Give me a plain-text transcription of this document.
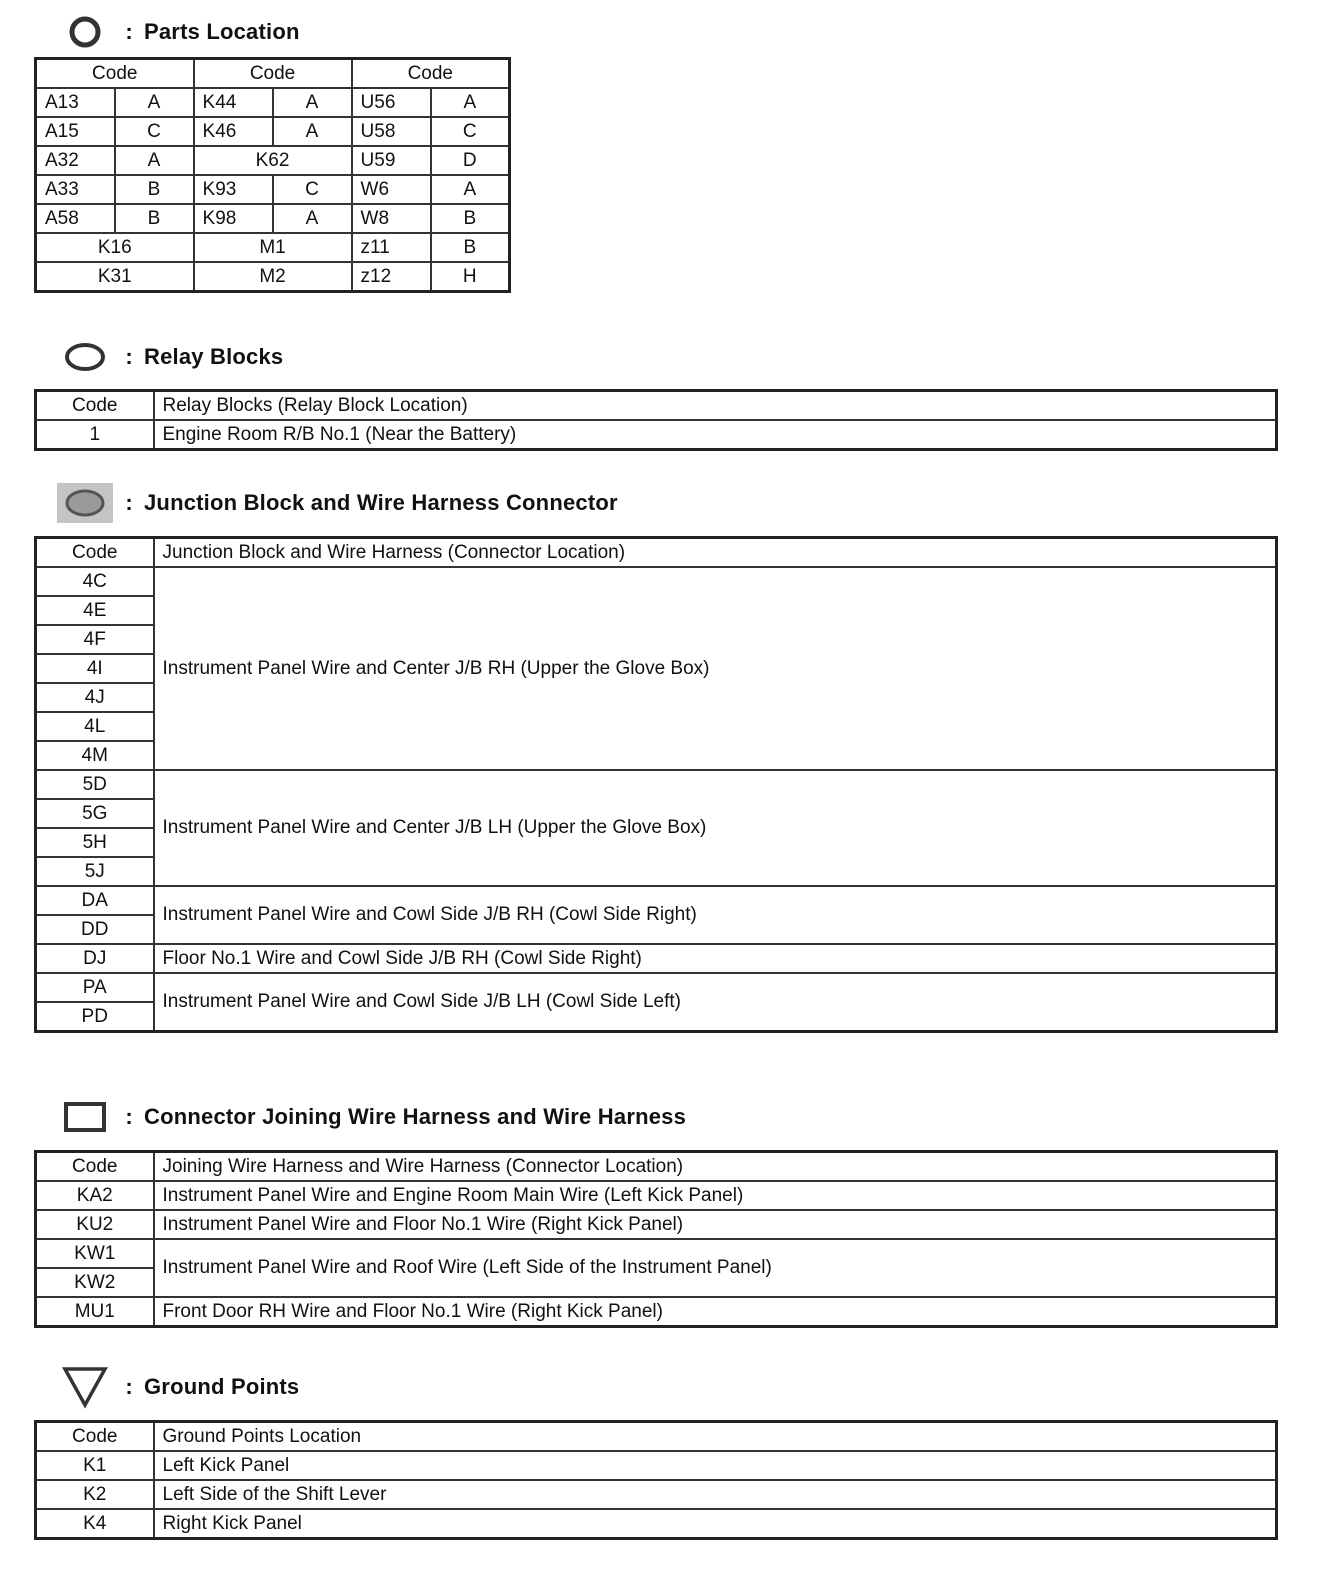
: Parts Location
Code		Code		Code	
A13	A	K44	A	U56	A
A15	C	K46	A	U58	C
A32	A	K62		U59	D
A33	B	K93	C	W6	A
A58	B	K98	A	W8	B
K16		M1		z11	B
K31		M2		z12	H
: Relay Blocks
Code	Relay Blocks (Relay Block Location)
1	Engine Room R/B No.1 (Near the Battery)
: Junction Block and Wire Harness Connector
Code	Junction Block and Wire Harness (Connector Location)
4C	Instrument Panel Wire and Center J/B RH (Upper the Glove Box)
4E	
4F	
4I	
4J	
4L	
4M	
5D	Instrument Panel Wire and Center J/B LH (Upper the Glove Box)
5G	
5H	
5J	
DA	Instrument Panel Wire and Cowl Side J/B RH (Cowl Side Right)
DD	
DJ	Floor No.1 Wire and Cowl Side J/B RH (Cowl Side Right)
PA	Instrument Panel Wire and Cowl Side J/B LH (Cowl Side Left)
PD	
: Connector Joining Wire Harness and Wire Harness
Code	Joining Wire Harness and Wire Harness (Connector Location)
KA2	Instrument Panel Wire and Engine Room Main Wire (Left Kick Panel)
KU2	Instrument Panel Wire and Floor No.1 Wire (Right Kick Panel)
KW1	Instrument Panel Wire and Roof Wire (Left Side of the Instrument Panel)
KW2	
MU1	Front Door RH Wire and Floor No.1 Wire (Right Kick Panel)
: Ground Points
Code	Ground Points Location
K1	Left Kick Panel
K2	Left Side of the Shift Lever
K4	Right Kick Panel
